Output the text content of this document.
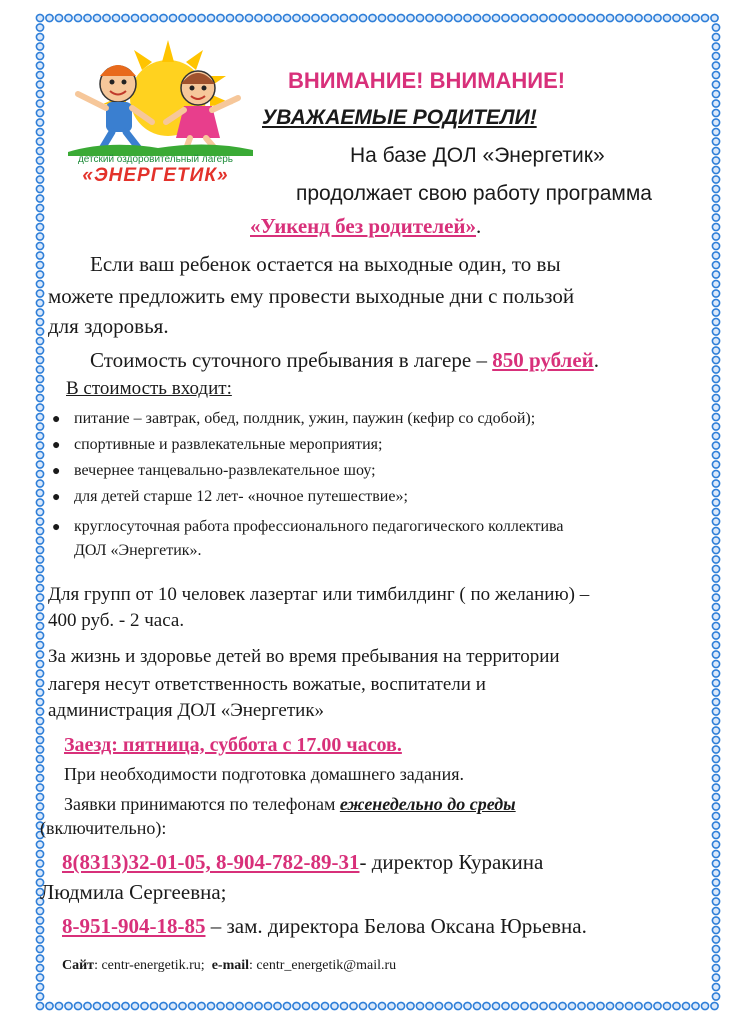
детский оздоровительный лагерь
«ЭНЕРГЕТИК»

ВНИМАНИЕ! ВНИМАНИЕ!

УВАЖАЕМЫЕ РОДИТЕЛИ!

На базе ДОЛ «Энергетик»

продолжает свою работу программа

«Уикенд без родителей».

Если ваш ребенок остается на выходные один, то вы

можете предложить ему провести выходные дни с пользой

для здоровья.

Стоимость суточного пребывания в лагере – 850 рублей.

В стоимость входит:

● питание – завтрак, обед, полдник, ужин, паужин (кефир со сдобой);

● спортивные и развлекательные мероприятия;

● вечернее танцевально-развлекательное шоу;

● для детей старше 12 лет- «ночное путешествие»;

● круглосуточная работа профессионального педагогического коллектива

ДОЛ «Энергетик».

Для групп от 10 человек лазертаг или тимбилдинг ( по желанию) –

400 руб. - 2 часа.

За жизнь и здоровье детей во время пребывания на территории

лагеря несут ответственность вожатые, воспитатели и

администрация ДОЛ «Энергетик»

Заезд: пятница, суббота с 17.00 часов.

При необходимости подготовка домашнего задания.

Заявки принимаются по телефонам еженедельно до среды

(включительно):

8(8313)32-01-05, 8-904-782-89-31- директор Куракина

Людмила Сергеевна;

8-951-904-18-85 – зам. директора Белова Оксана Юрьевна.

Сайт: centr-energetik.ru; e-mail: centr_energetik@mail.ru
